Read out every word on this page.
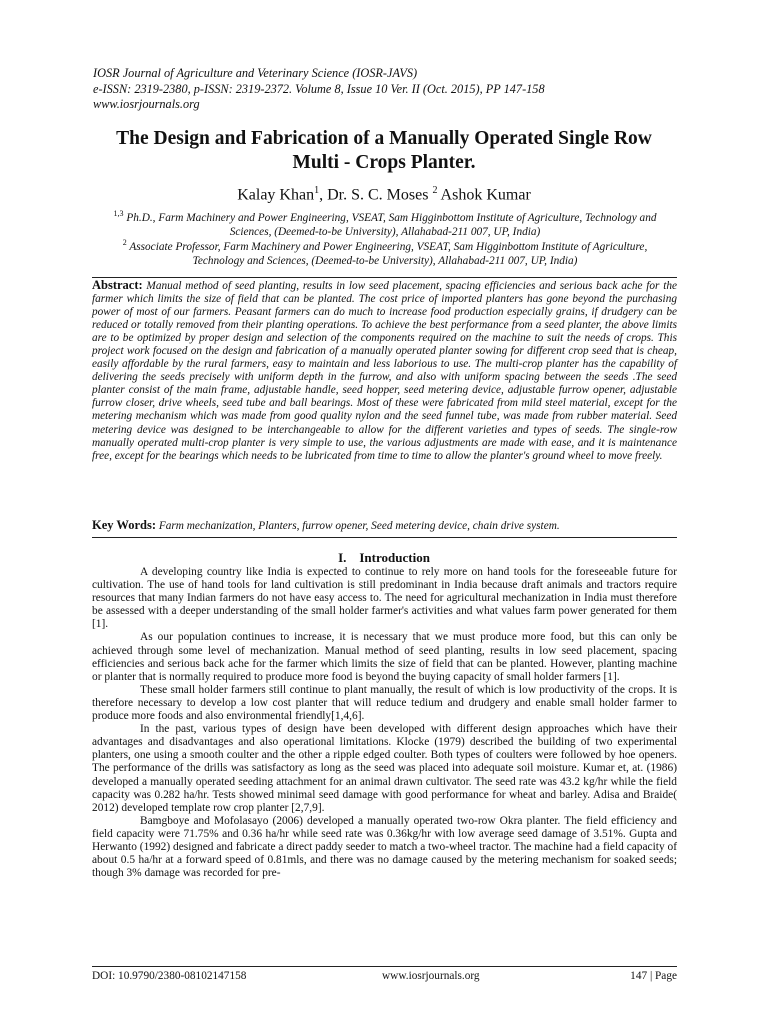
IOSR Journal of Agriculture and Veterinary Science (IOSR-JAVS)
e-ISSN: 2319-2380, p-ISSN: 2319-2372. Volume 8, Issue 10 Ver. II (Oct. 2015), PP 147-158
www.iosrjournals.org
The Design and Fabrication of a Manually Operated Single Row
Multi - Crops Planter.
Kalay Khan$^1$, Dr. S. C. Moses $^2$ Ashok Kumar
$^{1,3}$ Ph.D., Farm Machinery and Power Engineering, VSEAT, Sam Higginbottom Institute of Agriculture, Technology and Sciences, (Deemed-to-be University), Allahabad-211 007, UP, India)
$^2$ Associate Professor, Farm Machinery and Power Engineering, VSEAT, Sam Higginbottom Institute of Agriculture, Technology and Sciences, (Deemed-to-be University), Allahabad-211 007, UP, India)
Abstract: Manual method of seed planting, results in low seed placement, spacing efficiencies and serious back ache for the farmer which limits the size of field that can be planted. The cost price of imported planters has gone beyond the purchasing power of most of our farmers. Peasant farmers can do much to increase food production especially grains, if drudgery can be reduced or totally removed from their planting operations. To achieve the best performance from a seed planter, the above limits are to be optimized by proper design and selection of the components required on the machine to suit the needs of crops. This project work focused on the design and fabrication of a manually operated planter sowing for different crop seed that is cheap, easily affordable by the rural farmers, easy to maintain and less laborious to use. The multi-crop planter has the capability of delivering the seeds precisely with uniform depth in the furrow, and also with uniform spacing between the seeds .The seed planter consist of the main frame, adjustable handle, seed hopper, seed metering device, adjustable furrow opener, adjustable furrow closer, drive wheels, seed tube and ball bearings. Most of these were fabricated from mild steel material, except for the metering mechanism which was made from good quality nylon and the seed funnel tube, was made from rubber material. Seed metering device was designed to be interchangeable to allow for the different varieties and types of seeds. The single-row manually operated multi-crop planter is very simple to use, the various adjustments are made with ease, and it is maintenance free, except for the bearings which needs to be lubricated from time to time to allow the planter's ground wheel to move freely.
Key Words: Farm mechanization, Planters, furrow opener, Seed metering device, chain drive system.
I.    Introduction

A developing country like India is expected to continue to rely more on hand tools for the foreseeable future for cultivation. The use of hand tools for land cultivation is still predominant in India because draft animals and tractors require resources that many Indian farmers do not have easy access to. The need for agricultural mechanization in India must therefore be assessed with a deeper understanding of the small holder farmer's activities and what values farm power generated for them [1].

As our population continues to increase, it is necessary that we must produce more food, but this can only be achieved through some level of mechanization. Manual method of seed planting, results in low seed placement, spacing efficiencies and serious back ache for the farmer which limits the size of field that can be planted. However, planting machine or planter that is normally required to produce more food is beyond the buying capacity of small holder farmers [1].

These small holder farmers still continue to plant manually, the result of which is low productivity of the crops. It is therefore necessary to develop a low cost planter that will reduce tedium and drudgery and enable small holder farmer to produce more foods and also environmental friendly[1,4,6].

In the past, various types of design have been developed with different design approaches which have their advantages and disadvantages and also operational limitations. Klocke (1979) described the building of two experimental planters, one using a smooth coulter and the other a ripple edged coulter. Both types of coulters were followed by hoe openers. The performance of the drills was satisfactory as long as the seed was placed into adequate soil moisture. Kumar et, at. (1986) developed a manually operated seeding attachment for an animal drawn cultivator. The seed rate was 43.2 kg/hr while the field capacity was 0.282 ha/hr. Tests showed minimal seed damage with good performance for wheat and barley. Adisa and Braide( 2012) developed template row crop planter [2,7,9].

Bamgboye and Mofolasayo (2006) developed a manually operated two-row Okra planter. The field efficiency and field capacity were 71.75% and 0.36 ha/hr while seed rate was 0.36kg/hr with low average seed damage of 3.51%. Gupta and Herwanto (1992) designed and fabricate a direct paddy seeder to match a two-wheel tractor. The machine had a field capacity of about 0.5 ha/hr at a forward speed of 0.81mls, and there was no damage caused by the metering mechanism for soaked seeds; though 3% damage was recorded for pre-

DOI: 10.9790/2380-08102147158	www.iosrjournals.org	147 | Page
